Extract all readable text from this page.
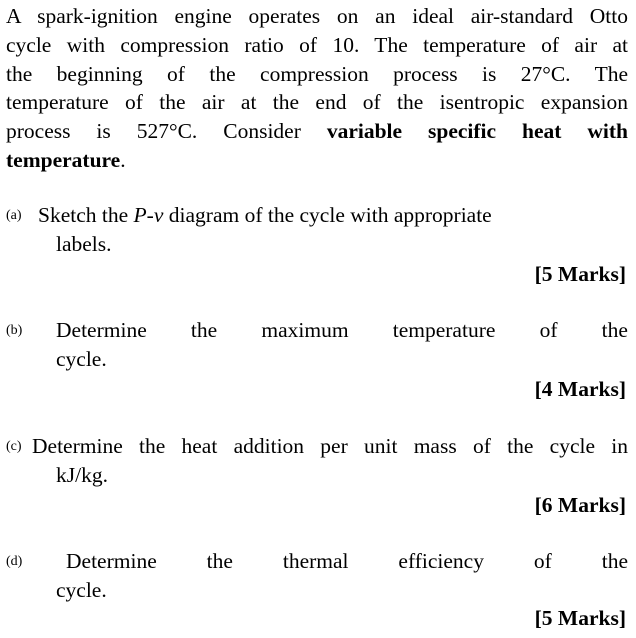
A spark-ignition engine operates on an ideal air-standard Otto
cycle with compression ratio of 10. The temperature of air at
the beginning of the compression process is 27°C. The
temperature of the air at the end of the isentropic expansion
process is 527°C. Consider variable specific heat with
temperature.
(a) Sketch the P-v diagram of the cycle with appropriate
labels.
[5 Marks]
(b) Determine the maximum temperature of the
cycle.
[4 Marks]
(c) Determine the heat addition per unit mass of the cycle in
kJ/kg.
[6 Marks]
(d) Determine the thermal efficiency of the
cycle.
[5 Marks]
